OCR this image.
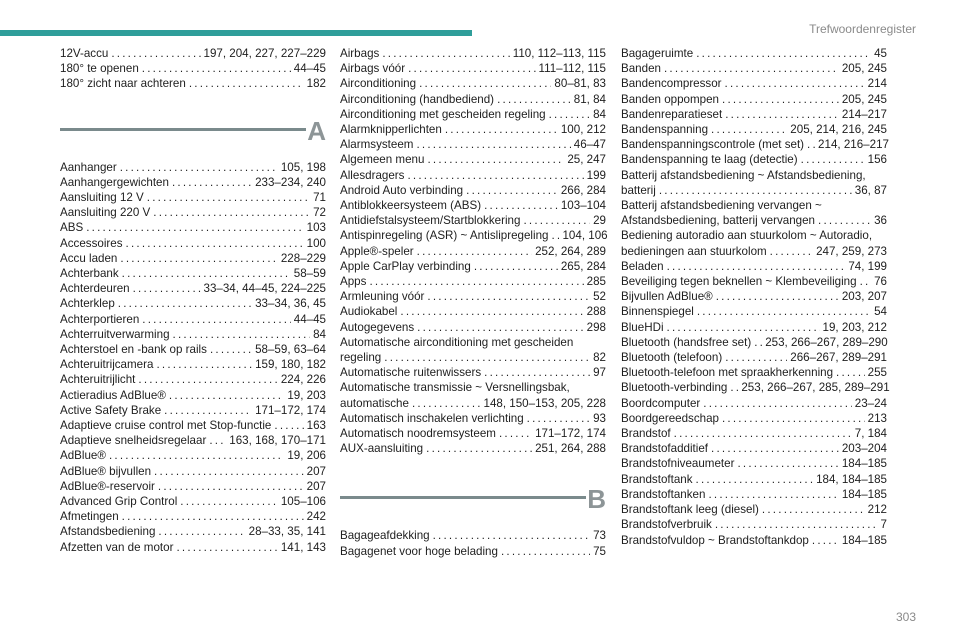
Trefwoordenregister
12V-accu . . .	197, 204, 227, 227–229
180° te openen . . .	44–45
180° zicht naar achteren . . .	182
A
Aanhanger . . .	105, 198
Aanhangergewichten . . .	233–234, 240
Aansluiting 12 V . . .	71
Aansluiting 220 V . . .	72
ABS . . .	103
Accessoires . . .	100
Accu laden . . .	228–229
Achterbank . . .	58–59
Achterdeuren . . .	33–34, 44–45, 224–225
Achterklep . . .	33–34, 36, 45
Achterportieren . . .	44–45
Achterruitverwarming . . .	84
Achterstoel en -bank op rails . . .	58–59, 63–64
Achteruitrijcamera . . .	159, 180, 182
Achteruitrijlicht . . .	224, 226
Actieradius AdBlue® . . .	19, 203
Active Safety Brake . . .	171–172, 174
Adaptieve cruise control met Stop-functie . . .	163
Adaptieve snelheidsregelaar . . . 163, 168, 170–171
AdBlue® . . .	19, 206
AdBlue® bijvullen . . .	207
AdBlue®-reservoir . . .	207
Advanced Grip Control . . .	105–106
Afmetingen . . .	242
Afstandsbediening . . .	28–33, 35, 141
Afzetten van de motor . . .	141, 143
Airbags . . .	110, 112–113, 115
Airbags vóór . . .	111–112, 115
Airconditioning . . .	80–81, 83
Airconditioning (handbediend) . . .	81, 84
Airconditioning met gescheiden regeling . . .	84
Alarmknipperlichten . . .	100, 212
Alarmsysteem . . .	46–47
Algemeen menu . . .	25, 247
Allesdragers . . .	199
Android Auto verbinding . . .	266, 284
Antiblokkeersysteem (ABS) . . .	103–104
Antidiefstalsysteem/Startblokkering . . .	29
Antispinregeling (ASR) ~ Antislipregeling . . . 104, 106
Apple®-speler . . .	252, 264, 289
Apple CarPlay verbinding . . .	265, 284
Apps . . .	285
Armleuning vóór . . .	52
Audiokabel . . .	288
Autogegevens . . .	298
Automatische airconditioning met gescheiden
regeling . . .	82
Automatische ruitenwissers . . .	97
Automatische transmissie ~ Versnellingsbak,
automatische . . .	148, 150–153, 205, 228
Automatisch inschakelen verlichting . . .	93
Automatisch noodremsysteem . . .	171–172, 174
AUX-aansluiting . . .	251, 264, 288
B
Bagageafdekking . . .	73
Bagagenet voor hoge belading . . .	75
Bagageruimte . . .	45
Banden . . .	205, 245
Bandencompressor . . .	214
Banden oppompen . . .	205, 245
Bandenreparatieset . . .	214–217
Bandenspanning . . .	205, 214, 216, 245
Bandenspanningscontrole (met set) . . . 214, 216–217
Bandenspanning te laag (detectie) . . .	156
Batterij afstandsbediening ~ Afstandsbediening,
batterij . . .	36, 87
Batterij afstandsbediening vervangen ~
Afstandsbediening, batterij vervangen . . .	36
Bediening autoradio aan stuurkolom ~ Autoradio,
bedieningen aan stuurkolom . . .	247, 259, 273
Beladen . . .	74, 199
Beveiliging tegen beknellen ~ Klembeveiliging . . . 76
Bijvullen AdBlue® . . .	203, 207
Binnenspiegel . . .	54
BlueHDi . . .	19, 203, 212
Bluetooth (handsfree set) . . . 253, 266–267, 289–290
Bluetooth (telefoon) . . .	266–267, 289–291
Bluetooth-telefoon met spraakherkenning . . .	255
Bluetooth-verbinding . . . 253, 266–267, 285, 289–291
Boordcomputer . . .	23–24
Boordgereedschap . . .	213
Brandstof . . .	7, 184
Brandstofadditief . . .	203–204
Brandstofniveaumeter . . .	184–185
Brandstoftank . . .	184, 184–185
Brandstoftanken . . .	184–185
Brandstoftank leeg (diesel) . . .	212
Brandstofverbruik . . .	7
Brandstofvuldop ~ Brandstoftankdop . . .	184–185
303
